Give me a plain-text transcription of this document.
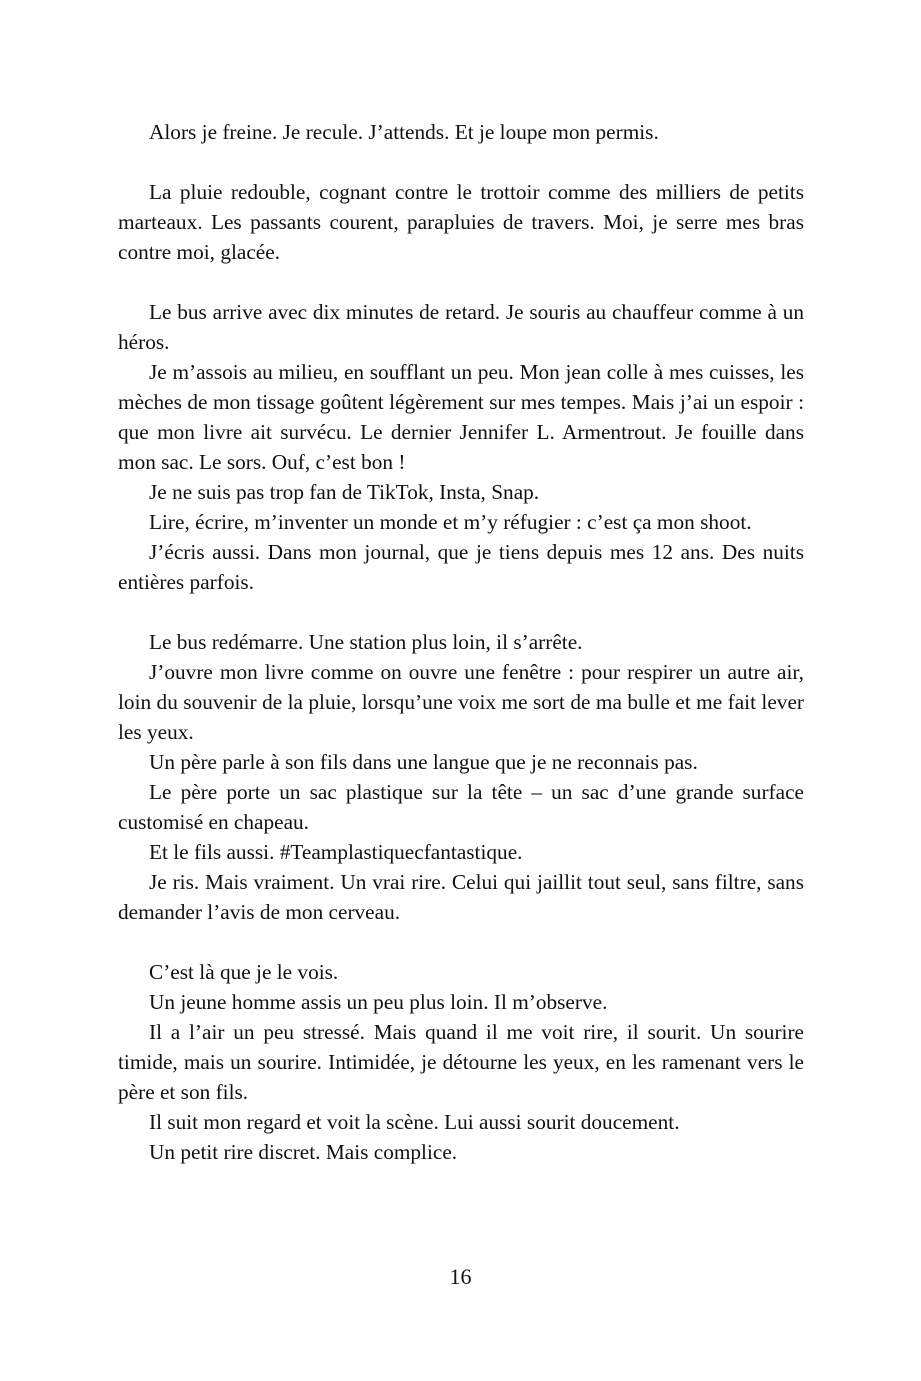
Alors je freine. Je recule. J’attends. Et je loupe mon permis.

La pluie redouble, cognant contre le trottoir comme des milliers de petits marteaux. Les passants courent, parapluies de travers. Moi, je serre mes bras contre moi, glacée.

Le bus arrive avec dix minutes de retard. Je souris au chauffeur comme à un héros.

Je m’assois au milieu, en soufflant un peu. Mon jean colle à mes cuisses, les mèches de mon tissage goûtent légèrement sur mes tempes. Mais j’ai un espoir : que mon livre ait survécu. Le dernier Jennifer L. Armentrout. Je fouille dans mon sac. Le sors. Ouf, c’est bon !

Je ne suis pas trop fan de TikTok, Insta, Snap.

Lire, écrire, m’inventer un monde et m’y réfugier : c’est ça mon shoot.

J’écris aussi. Dans mon journal, que je tiens depuis mes 12 ans. Des nuits entières parfois.

Le bus redémarre. Une station plus loin, il s’arrête.

J’ouvre mon livre comme on ouvre une fenêtre : pour respirer un autre air, loin du souvenir de la pluie, lorsqu’une voix me sort de ma bulle et me fait lever les yeux.

Un père parle à son fils dans une langue que je ne reconnais pas.

Le père porte un sac plastique sur la tête – un sac d’une grande surface customisé en chapeau.

Et le fils aussi. #Teamplastiquecfantastique.

Je ris. Mais vraiment. Un vrai rire. Celui qui jaillit tout seul, sans filtre, sans demander l’avis de mon cerveau.

C’est là que je le vois.

Un jeune homme assis un peu plus loin. Il m’observe.

Il a l’air un peu stressé. Mais quand il me voit rire, il sourit. Un sourire timide, mais un sourire. Intimidée, je détourne les yeux, en les ramenant vers le père et son fils.

Il suit mon regard et voit la scène. Lui aussi sourit doucement.

Un petit rire discret. Mais complice.

16
